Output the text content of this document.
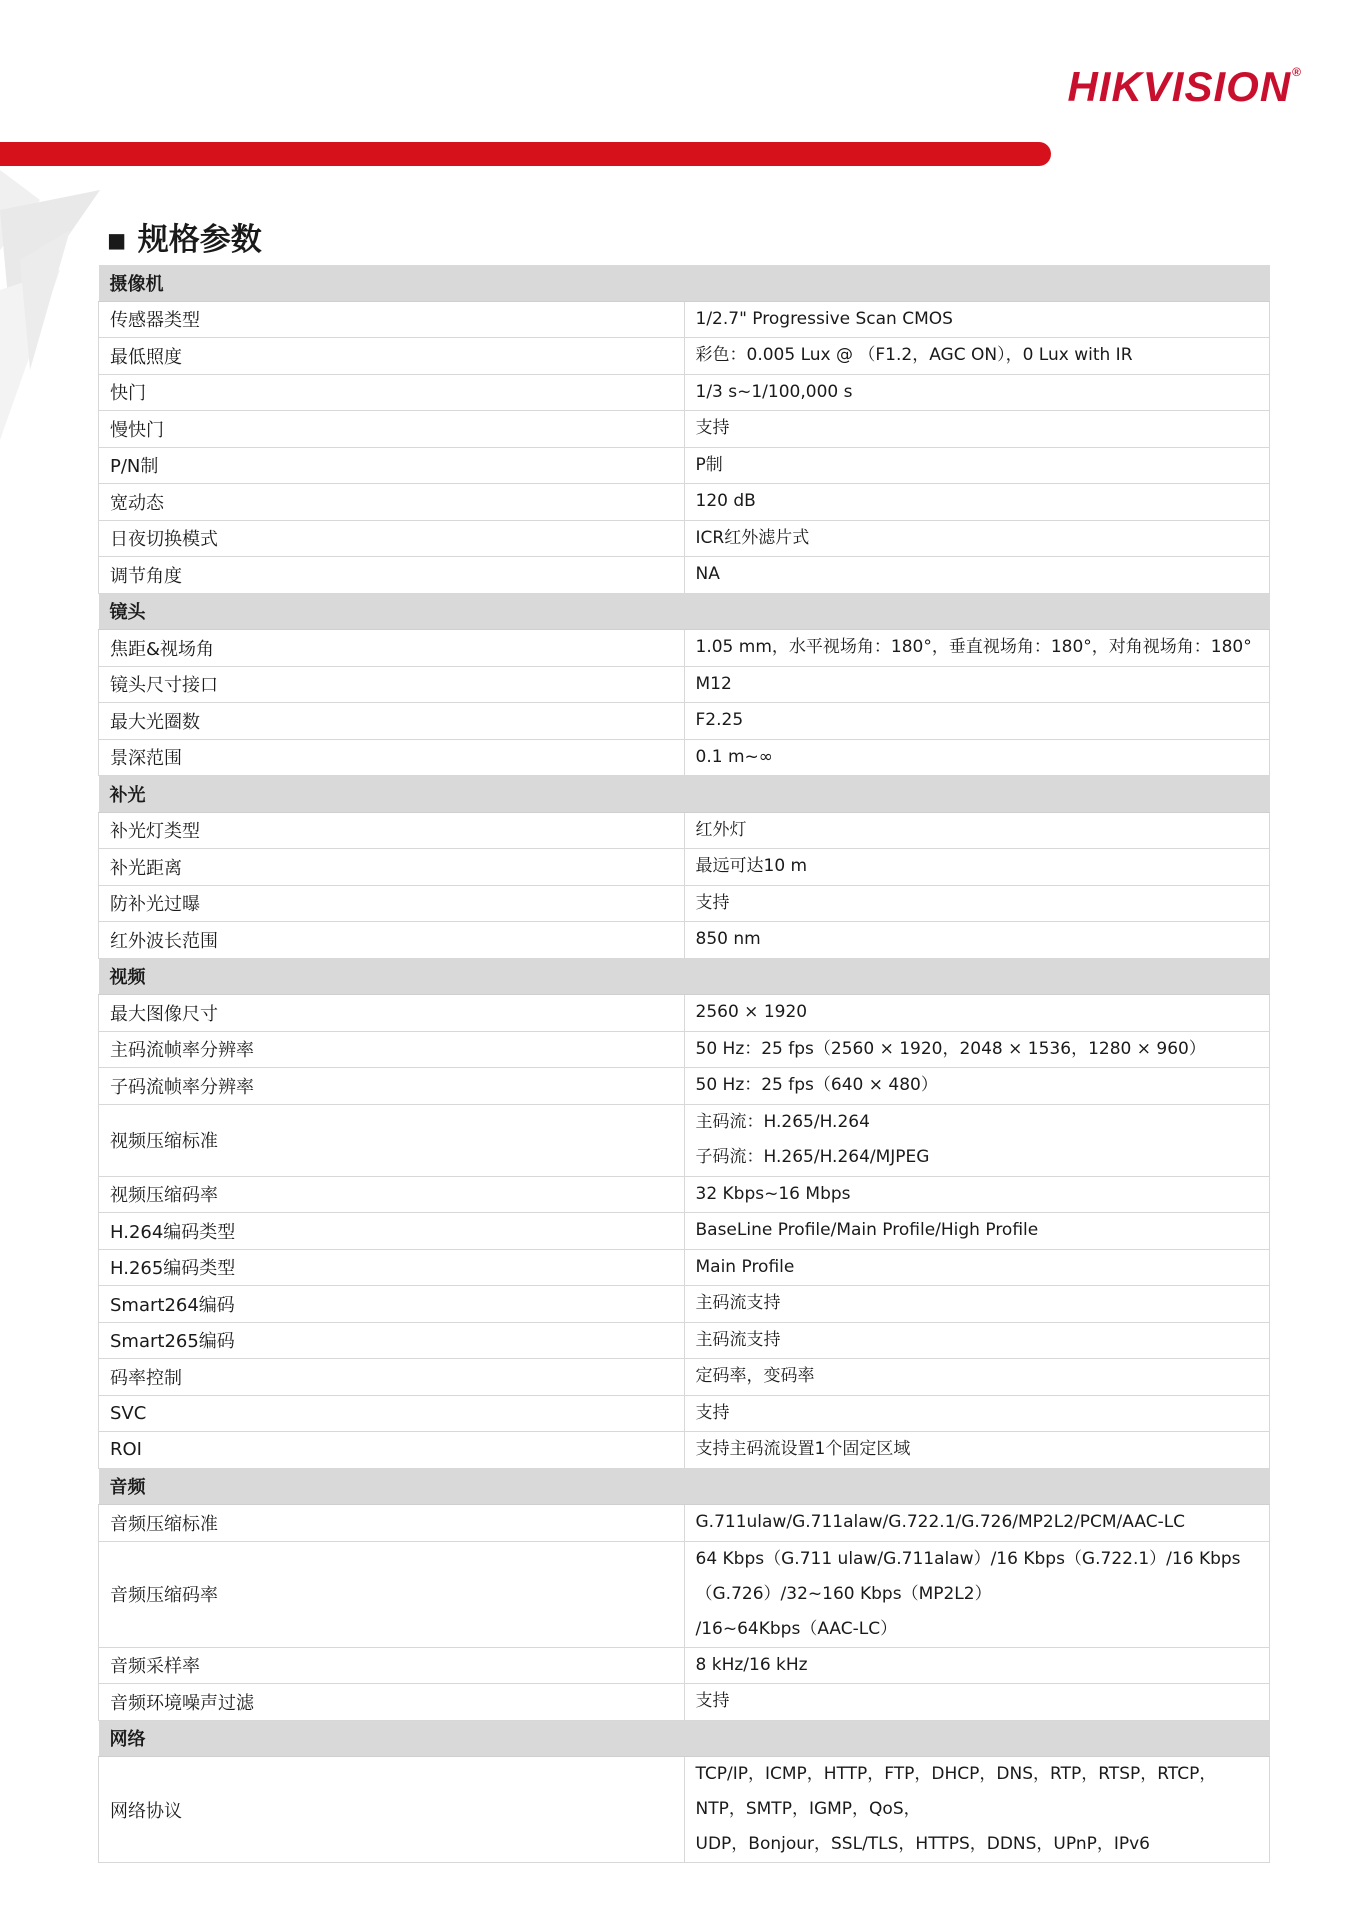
HIKVISION®
▪ 规格参数
摄像机	
传感器类型	1/2.7" Progressive Scan CMOS

最低照度	彩色：0.005 Lux @ （F1.2，AGC ON），0 Lux with IR

快门	1/3 s~1/100,000 s

慢快门	支持

P/N制	P制

宽动态	120 dB

日夜切换模式	ICR红外滤片式

调节角度	NA

镜头	
焦距&视场角	1.05 mm，水平视场角：180°，垂直视场角：180°，对角视场角：180°

镜头尺寸接口	M12

最大光圈数	F2.25

景深范围	0.1 m~∞

补光	
补光灯类型	红外灯

补光距离	最远可达10 m

防补光过曝	支持

红外波长范围	850 nm

视频	
最大图像尺寸	2560 × 1920

主码流帧率分辨率	50 Hz：25 fps（2560 × 1920，2048 × 1536，1280 × 960）

子码流帧率分辨率	50 Hz：25 fps（640 × 480）

视频压缩标准	主码流：H.265/H.264
子码流：H.265/H.264/MJPEG

视频压缩码率	32 Kbps~16 Mbps

H.264编码类型	BaseLine Profile/Main Profile/High Profile

H.265编码类型	Main Profile

Smart264编码	主码流支持

Smart265编码	主码流支持

码率控制	定码率，变码率

SVC	支持

ROI	支持主码流设置1个固定区域

音频	
音频压缩标准	G.711ulaw/G.711alaw/G.722.1/G.726/MP2L2/PCM/AAC-LC

音频压缩码率	64 Kbps（G.711 ulaw/G.711alaw）/16 Kbps（G.722.1）/16 Kbps（G.726）/32~160 Kbps（MP2L2）
/16~64Kbps（AAC-LC）

音频采样率	8 kHz/16 kHz

音频环境噪声过滤	支持

网络	
网络协议	TCP/IP，ICMP，HTTP，FTP，DHCP，DNS，RTP，RTSP，RTCP，NTP，SMTP，IGMP，QoS，
UDP，Bonjour，SSL/TLS，HTTPS，DDNS，UPnP，IPv6
